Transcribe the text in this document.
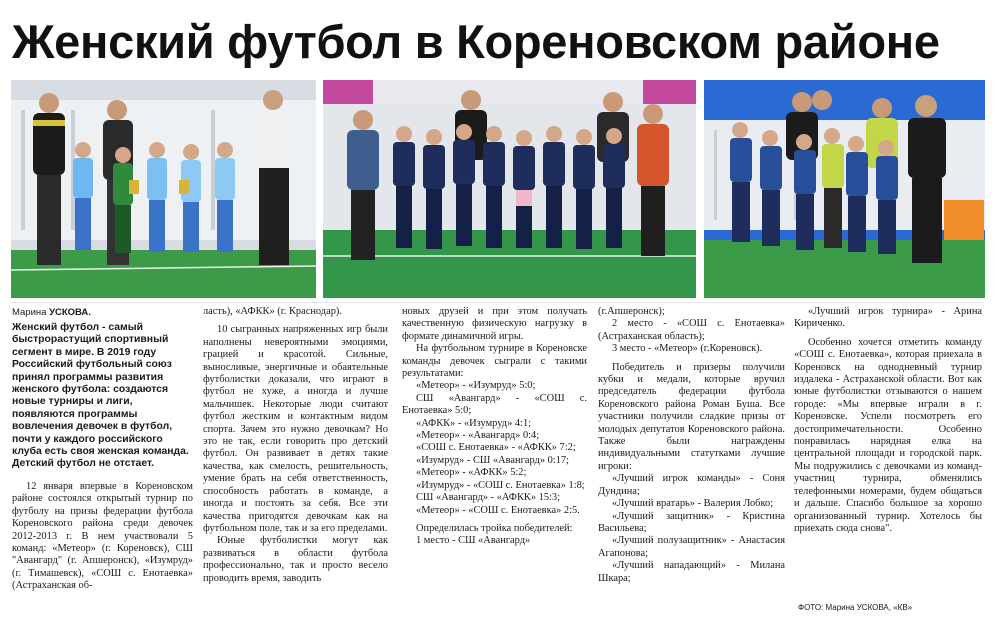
Женский футбол в Кореновском районе
Марина УСКОВА.

Женский футбол - самый быстрорастущий спортивный сегмент в мире. В 2019 году Российский футбольный союз принял программы развития женского футбола: создаются новые турниры и лиги, появляются программы вовлечения девочек в футбол, почти у каждого российского клуба есть своя женская команда. Детский футбол не отстает.

12 января впервые в Кореновском районе состоялся открытый турнир по футболу на призы федерации футбола Кореновского района среди девочек 2012-2013 г. В нем участвовали 5 команд: «Метеор» (г. Кореновск), СШ "Авангард" (г. Апшеронск), «Изумруд» (г. Тимашевск), «СОШ с. Енотаевка» (Астраханская об-

ласть), «АФКК» (г. Краснодар).

10 сыгранных напряженных игр были наполнены невероятными эмоциями, грацией и красотой. Сильные, выносливые, энергичные и обаятельные футболистки доказали, что играют в футбол не хуже, а иногда и лучше мальчишек. Некоторые люди считают футбол жестким и контактным видом спорта. Зачем это нужно девочкам? Но это не так, если говорить про детский футбол. Он развивает в детях такие качества, как смелость, решительность, умение брать на себя ответственность, способность работать в команде, а иногда и постоять за себя. Все эти качества пригодятся девочкам как на футбольном поле, так и за его пределами.

Юные футболистки могут как развиваться в области футбола профессионально, так и просто весело проводить время, заводить

новых друзей и при этом получать качественную физическую нагрузку в формате динамичной игры.

На футбольном турнире в Кореновске команды девочек сыграли с такими результатами:

«Метеор» - «Изумруд» 5:0;

СШ «Авангард» - «СОШ с. Енотаевка» 5:0;

«АФКК» - «Изумруд» 4:1;

«Метеор» - «Авангард» 0:4;

«СОШ с. Енотаевка» - «АФКК» 7:2;

«Изумруд» - СШ «Авангард» 0:17;

«Метеор» - «АФКК» 5:2;

«Изумруд» - «СОШ с. Енотаевка» 1:8;

СШ «Авангард» - «АФКК» 15:3;

«Метеор» - «СОШ с. Енотаевка» 2:5.

Определилась тройка победителей:

1 место - СШ «Авангард»

(г.Апшеронск);

2 место - «СОШ с. Енотаевка» (Астраханская область);

3 место - «Метеор» (г.Кореновск).

Победитель и призеры получили кубки и медали, которые вручил председатель федерации футбола Кореновского района Роман Буша. Все участники получили сладкие призы от молодых депутатов Кореновского района. Также были награждены индивидуальными статутками лучшие игроки:

«Лучший игрок команды» - Соня Дундина;

«Лучший вратарь» - Валерия Лобко;

«Лучший защитник» - Кристина Васильева;

«Лучший полузащитник» - Анастасия Агапонова;

«Лучший нападающий» - Милана Шкара;

«Лучший игрок турнира» - Арина Кириченко.

Особенно хочется отметить команду «СОШ с. Енотаевка», которая приехала в Кореновск на однодневный турнир издалека - Астраханской области. Вот как юные футболистки отзываются о нашем городе: «Мы впервые играли в г. Кореновске. Успели посмотреть его достопримечательности. Особенно понравилась нарядная елка на центральной площади и городской парк. Мы подружились с девочками из команд- участниц турнира, обменялись телефонными номерами, будем общаться и дальше. Спасибо большое за хорошо организованный турнир. Хотелось бы приехать сюда снова".

ФОТО: Марина УСКОВА, «КВ»
